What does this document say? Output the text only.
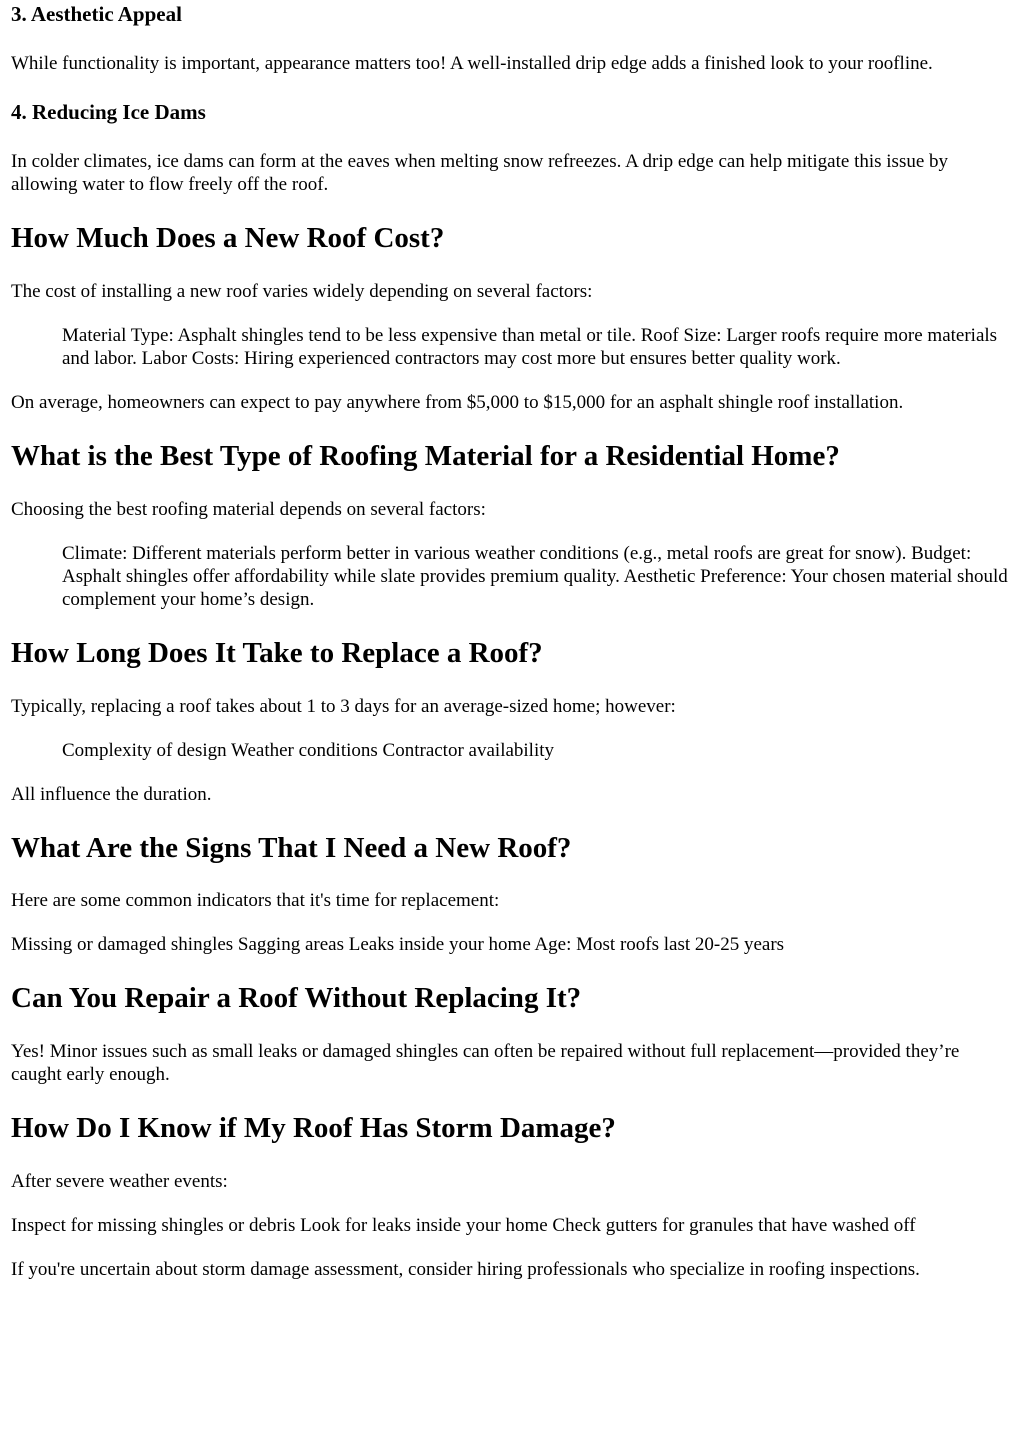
3. Aesthetic Appeal

While functionality is important, appearance matters too! A well-installed drip edge adds a finished look to your roofline.

4. Reducing Ice Dams

In colder climates, ice dams can form at the eaves when melting snow refreezes. A drip edge can help mitigate this issue by allowing water to flow freely off the roof.

How Much Does a New Roof Cost?

The cost of installing a new roof varies widely depending on several factors:

Material Type: Asphalt shingles tend to be less expensive than metal or tile. Roof Size: Larger roofs require more materials and labor. Labor Costs: Hiring experienced contractors may cost more but ensures better quality work.

On average, homeowners can expect to pay anywhere from $5,000 to $15,000 for an asphalt shingle roof installation.

What is the Best Type of Roofing Material for a Residential Home?

Choosing the best roofing material depends on several factors:

Climate: Different materials perform better in various weather conditions (e.g., metal roofs are great for snow). Budget: Asphalt shingles offer affordability while slate provides premium quality. Aesthetic Preference: Your chosen material should complement your home’s design.
How Long Does It Take to Replace a Roof?

Typically, replacing a roof takes about 1 to 3 days for an average-sized home; however:

Complexity of design Weather conditions Contractor availability

All influence the duration.

What Are the Signs That I Need a New Roof?

Here are some common indicators that it's time for replacement:

Missing or damaged shingles Sagging areas Leaks inside your home Age: Most roofs last 20-25 years

Can You Repair a Roof Without Replacing It?

Yes! Minor issues such as small leaks or damaged shingles can often be repaired without full replacement—provided they’re caught early enough.

How Do I Know if My Roof Has Storm Damage?

After severe weather events:

Inspect for missing shingles or debris Look for leaks inside your home Check gutters for granules that have washed off

If you're uncertain about storm damage assessment, consider hiring professionals who specialize in roofing inspections.
